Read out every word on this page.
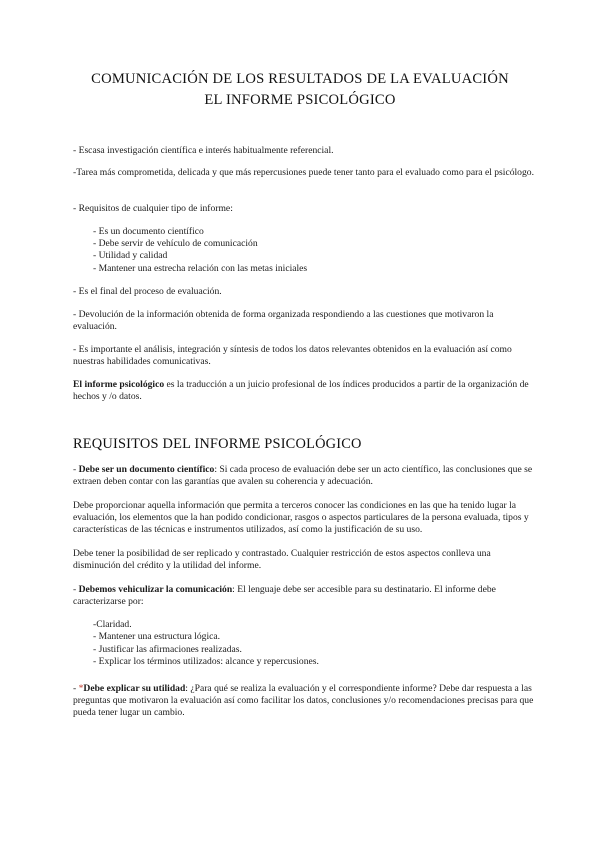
COMUNICACIÓN DE LOS RESULTADOS DE LA EVALUACIÓN
EL INFORME PSICOLÓGICO
- Escasa investigación científica e interés habitualmente referencial.
-Tarea más comprometida, delicada y que más repercusiones puede tener tanto para el evaluado como para el psicólogo.
- Requisitos de cualquier tipo de informe:
- Es un documento científico
- Debe servir de vehículo de comunicación
- Utilidad y calidad
- Mantener una estrecha relación con las metas iniciales
- Es el final del proceso de evaluación.
- Devolución de la información obtenida de forma organizada respondiendo a las cuestiones que motivaron la evaluación.
- Es importante el análisis, integración y síntesis de todos los datos relevantes obtenidos en la evaluación así como nuestras habilidades comunicativas.
El informe psicológico es la traducción a un juicio profesional de los índices producidos a partir de la organización de hechos y /o datos.
REQUISITOS DEL INFORME PSICOLÓGICO
- Debe ser un documento científico: Si cada proceso de evaluación debe ser un acto científico, las conclusiones que se extraen deben contar con las garantías que avalen su coherencia y adecuación.
Debe proporcionar aquella información que permita a terceros conocer las condiciones en las que ha tenido lugar la evaluación, los elementos que la han podido condicionar, rasgos o aspectos particulares de la persona evaluada, tipos y características de las técnicas e instrumentos utilizados, así como la justificación de su uso.
Debe tener la posibilidad de ser replicado y contrastado. Cualquier restricción de estos aspectos conlleva una disminución del crédito y la utilidad del informe.
- Debemos vehiculizar la comunicación: El lenguaje debe ser accesible para su destinatario. El informe debe caracterizarse por:
-Claridad.
- Mantener una estructura lógica.
- Justificar las afirmaciones realizadas.
- Explicar los términos utilizados: alcance y repercusiones.
- *Debe explicar su utilidad: ¿Para qué se realiza la evaluación y el correspondiente informe? Debe dar respuesta a las preguntas que motivaron la evaluación así como facilitar los datos, conclusiones y/o recomendaciones precisas para que pueda tener lugar un cambio.
